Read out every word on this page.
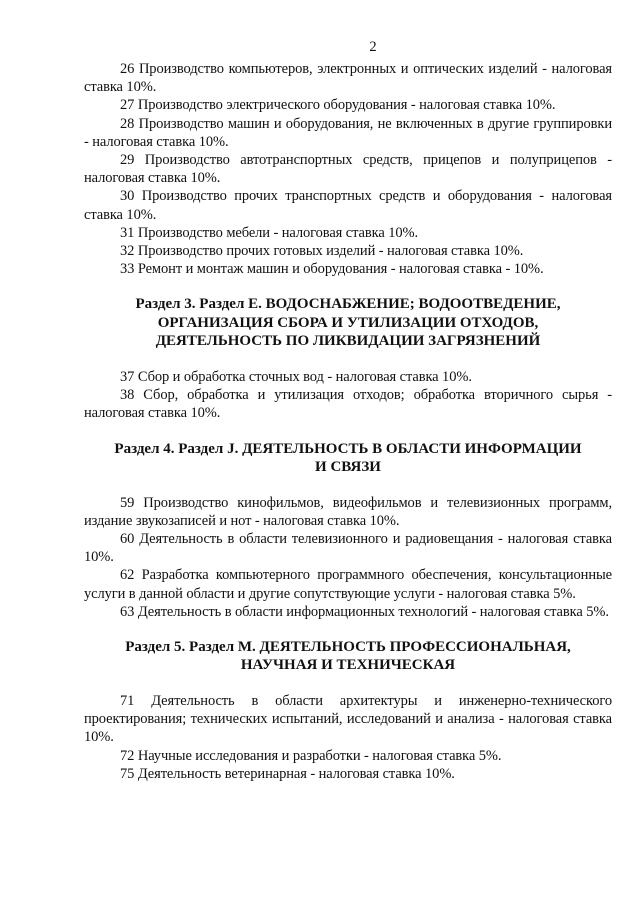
2

26 Производство компьютеров, электронных и оптических изделий - налоговая ставка 10%.

27 Производство электрического оборудования - налоговая ставка 10%.

28 Производство машин и оборудования, не включенных в другие группировки - налоговая ставка 10%.

29 Производство автотранспортных средств, прицепов и полуприцепов - налоговая ставка 10%.

30 Производство прочих транспортных средств и оборудования - налоговая ставка 10%.

31 Производство мебели - налоговая ставка 10%.

32 Производство прочих готовых изделий - налоговая ставка 10%.

33 Ремонт и монтаж машин и оборудования - налоговая ставка - 10%.

Раздел 3. Раздел Е. ВОДОСНАБЖЕНИЕ; ВОДООТВЕДЕНИЕ,
ОРГАНИЗАЦИЯ СБОРА И УТИЛИЗАЦИИ ОТХОДОВ,
ДЕЯТЕЛЬНОСТЬ ПО ЛИКВИДАЦИИ ЗАГРЯЗНЕНИЙ

37 Сбор и обработка сточных вод - налоговая ставка 10%.

38 Сбор, обработка и утилизация отходов; обработка вторичного сырья - налоговая ставка 10%.

Раздел 4. Раздел J. ДЕЯТЕЛЬНОСТЬ В ОБЛАСТИ ИНФОРМАЦИИ
И СВЯЗИ

59 Производство кинофильмов, видеофильмов и телевизионных программ, издание звукозаписей и нот - налоговая ставка 10%.

60 Деятельность в области телевизионного и радиовещания - налоговая ставка 10%.

62 Разработка компьютерного программного обеспечения, консультационные услуги в данной области и другие сопутствующие услуги - налоговая ставка 5%.

63 Деятельность в области информационных технологий - налоговая ставка 5%.

Раздел 5. Раздел М. ДЕЯТЕЛЬНОСТЬ ПРОФЕССИОНАЛЬНАЯ,
НАУЧНАЯ И ТЕХНИЧЕСКАЯ

71 Деятельность в области архитектуры и инженерно-технического проектирования; технических испытаний, исследований и анализа - налоговая ставка 10%.

72 Научные исследования и разработки - налоговая ставка 5%.

75 Деятельность ветеринарная - налоговая ставка 10%.
